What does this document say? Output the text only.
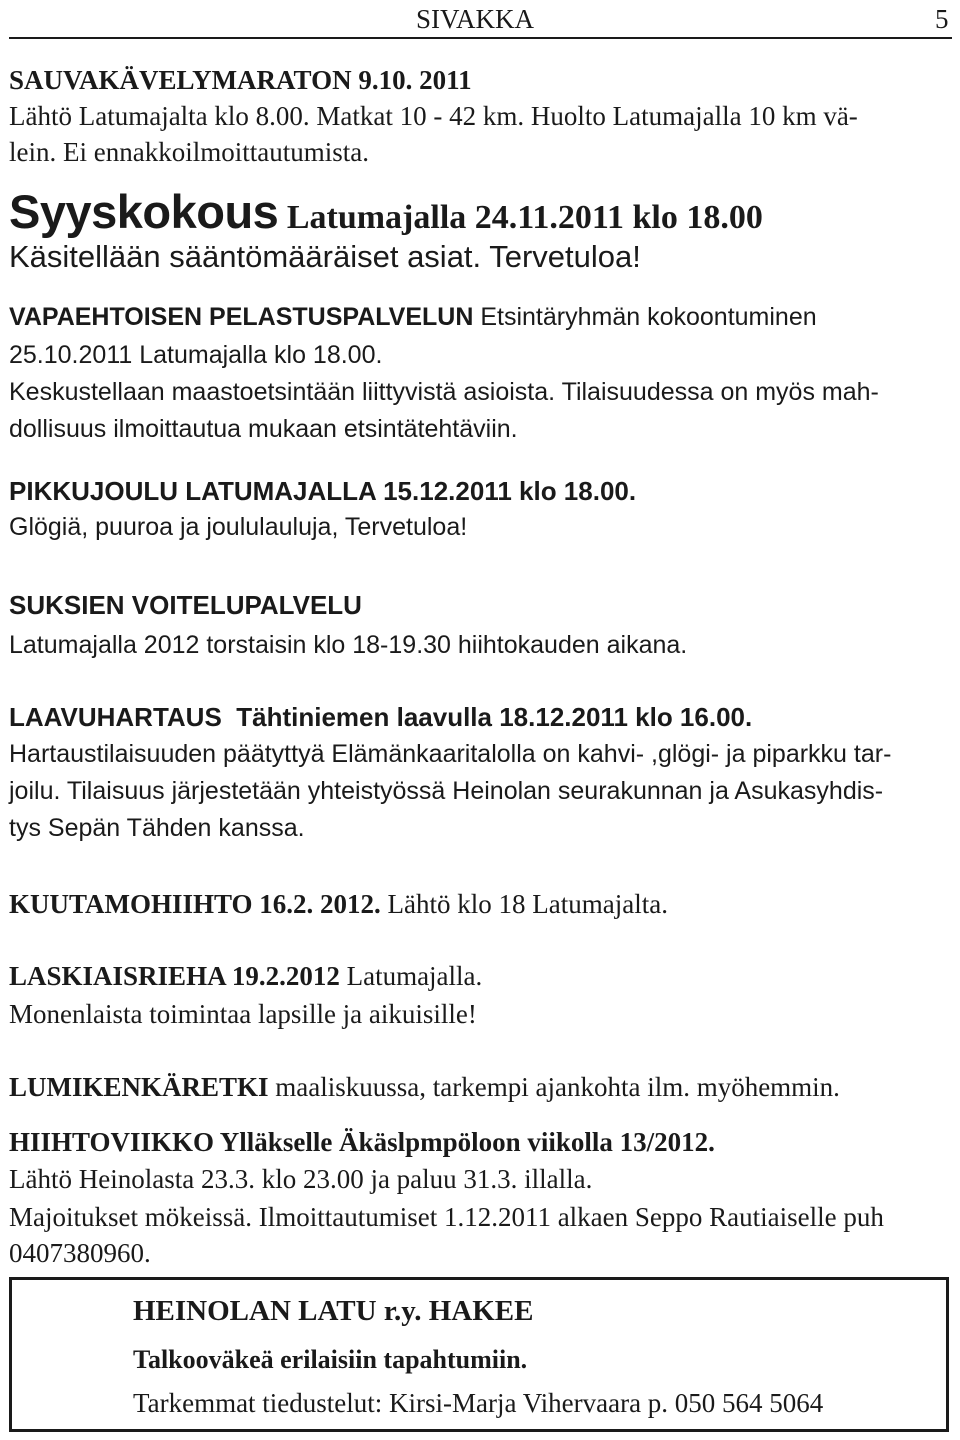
SIVAKKA	5
SAUVAKÄVELYMARATON 9.10. 2011
Lähtö Latumajalta klo 8.00. Matkat 10 - 42 km. Huolto Latumajalla 10 km vä-
lein. Ei ennakkoilmoittautumista.
Syyskokous Latumajalla 24.11.2011 klo 18.00
Käsitellään sääntömääräiset asiat. Tervetuloa!
VAPAEHTOISEN PELASTUSPALVELUN Etsintäryhmän kokoontuminen
25.10.2011 Latumajalla klo 18.00.
Keskustellaan maastoetsintään liittyvistä asioista. Tilaisuudessa on myös mah-
dollisuus ilmoittautua mukaan etsintätehtäviin.
PIKKUJOULU LATUMAJALLA 15.12.2011 klo 18.00.
Glögiä, puuroa ja joululauluja, Tervetuloa!
SUKSIEN VOITELUPALVELU
Latumajalla 2012 torstaisin klo 18-19.30 hiihtokauden aikana.
LAAVUHARTAUS  Tähtiniemen laavulla 18.12.2011 klo 16.00.
Hartaustilaisuuden päätyttyä Elämänkaaritalolla on kahvi- ,glögi- ja piparkku tar-
joilu. Tilaisuus järjestetään yhteistyössä Heinolan seurakunnan ja Asukasyhdis-
tys Sepän Tähden kanssa.
KUUTAMOHIIHTO 16.2. 2012. Lähtö klo 18 Latumajalta.
LASKIAISRIEHA 19.2.2012 Latumajalla.
Monenlaista toimintaa lapsille ja aikuisille!
LUMIKENKÄRETKI maaliskuussa, tarkempi ajankohta ilm. myöhemmin.
HIIHTOVIIKKO Ylläkselle Äkäslpmpöloon viikolla 13/2012.
Lähtö Heinolasta 23.3. klo 23.00 ja paluu 31.3. illalla.
Majoitukset mökeissä. Ilmoittautumiset 1.12.2011 alkaen Seppo Rautiaiselle puh
0407380960.
HEINOLAN LATU r.y. HAKEE
Talkooväkeä erilaisiin tapahtumiin.
Tarkemmat tiedustelut: Kirsi-Marja Vihervaara p. 050 564 5064
